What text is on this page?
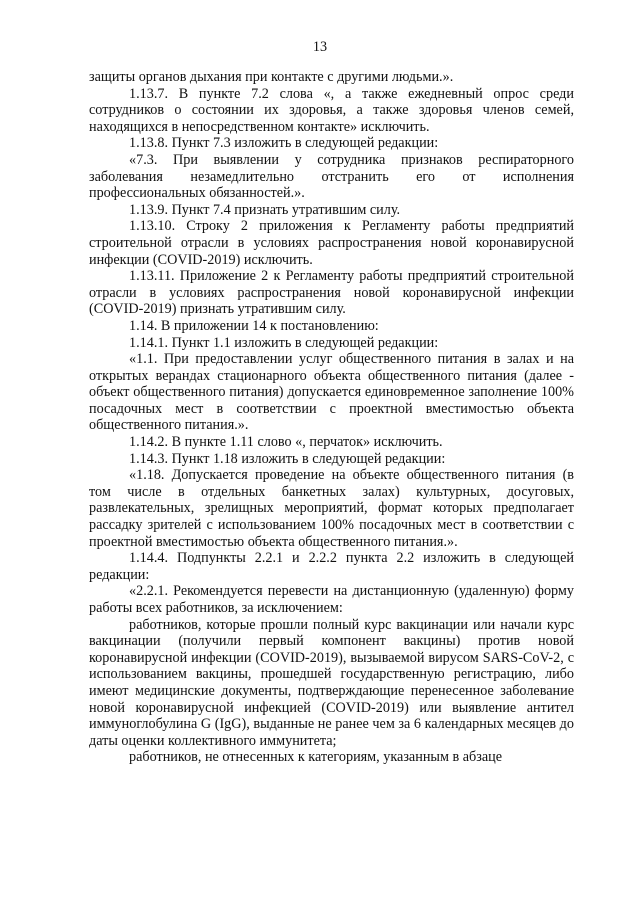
13

защиты органов дыхания при контакте с другими людьми.».

1.13.7. В пункте 7.2 слова «, а также ежедневный опрос среди сотрудников о состоянии их здоровья, а также здоровья членов семей, находящихся в непосредственном контакте» исключить.

1.13.8. Пункт 7.3 изложить в следующей редакции:

«7.3. При выявлении у сотрудника признаков респираторного заболевания незамедлительно отстранить его от исполнения профессиональных обязанностей.».

1.13.9. Пункт 7.4 признать утратившим силу.

1.13.10. Строку 2 приложения к Регламенту работы предприятий строительной отрасли в условиях распространения новой коронавирусной инфекции (COVID-2019) исключить.

1.13.11. Приложение 2 к Регламенту работы предприятий строительной отрасли в условиях распространения новой коронавирусной инфекции (COVID-2019) признать утратившим силу.

1.14. В приложении 14 к постановлению:

1.14.1. Пункт 1.1 изложить в следующей редакции:

«1.1. При предоставлении услуг общественного питания в залах и на открытых верандах стационарного объекта общественного питания (далее - объект общественного питания) допускается единовременное заполнение 100% посадочных мест в соответствии с проектной вместимостью объекта общественного питания.».

1.14.2. В пункте 1.11 слово «, перчаток» исключить.

1.14.3. Пункт 1.18 изложить в следующей редакции:

«1.18. Допускается проведение на объекте общественного питания (в том числе в отдельных банкетных залах) культурных, досуговых, развлекательных, зрелищных мероприятий, формат которых предполагает рассадку зрителей с использованием 100% посадочных мест в соответствии с проектной вместимостью объекта общественного питания.».

1.14.4. Подпункты 2.2.1 и 2.2.2 пункта 2.2 изложить в следующей редакции:

«2.2.1. Рекомендуется перевести на дистанционную (удаленную) форму работы всех работников, за исключением:

работников, которые прошли полный курс вакцинации или начали курс вакцинации (получили первый компонент вакцины) против новой коронавирусной инфекции (COVID-2019), вызываемой вирусом SARS-CoV-2, с использованием вакцины, прошедшей государственную регистрацию, либо имеют медицинские документы, подтверждающие перенесенное заболевание новой коронавирусной инфекцией (COVID-2019) или выявление антител иммуноглобулина G (IgG), выданные не ранее чем за 6 календарных месяцев до даты оценки коллективного иммунитета;

работников, не отнесенных к категориям, указанным в абзаце
